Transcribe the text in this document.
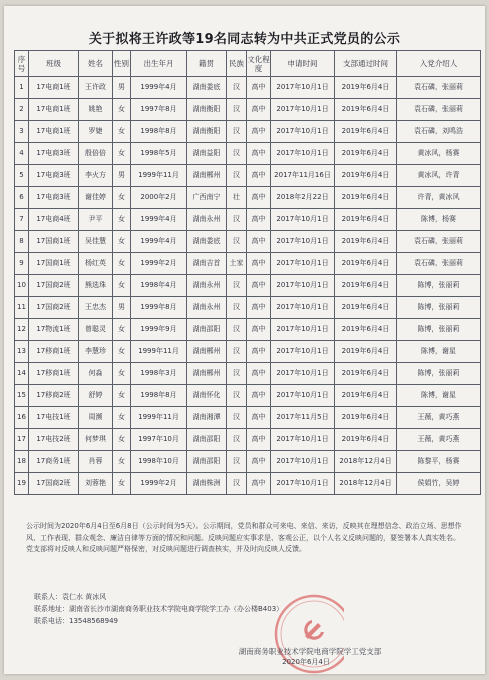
关于拟将王许政等19名同志转为中共正式党员的公示
序号	班级	姓名	性别	出生年月	籍贯	民族	文化程度	申请时间	支部通过时间	入党介绍人
1	17电商1班	王许政	男	1999年4月	湖南娄底	汉	高中	2017年10月1日	2019年6月4日	袁石磷，张丽莉
2	17电商1班	姚艳	女	1997年8月	湖南衡阳	汉	高中	2017年10月1日	2019年6月4日	袁石磷，张丽莉
3	17电商1班	罗婕	女	1998年8月	湖南衡阳	汉	高中	2017年10月1日	2019年6月4日	袁石磷，刘鸣浩
4	17电商3班	殷倍倍	女	1998年5月	湖南益阳	汉	高中	2017年10月1日	2019年6月4日	黄冰风，杨赛
5	17电商3班	李火方	男	1999年11月	湖南郴州	汉	高中	2017年11月16日	2019年6月4日	黄冰风，许青
6	17电商3班	谢佳婷	女	2000年2月	广西南宁	壮	高中	2018年2月22日	2019年6月4日	许青，黄冰风
7	17电商4班	尹平	女	1999年4月	湖南永州	汉	高中	2017年10月1日	2019年6月4日	陈博，杨赛
8	17国商1班	吴佳慧	女	1999年4月	湖南娄底	汉	高中	2017年10月1日	2019年6月4日	袁石磷，张丽莉
9	17国商1班	杨红英	女	1999年2月	湖南吉首	土家	高中	2017年10月1日	2019年6月4日	袁石磷，张丽莉
10	17国商2班	熊选珠	女	1998年4月	湖南永州	汉	高中	2017年10月1日	2019年6月4日	陈博，张丽莉
11	17国商2班	王忠杰	男	1999年8月	湖南永州	汉	高中	2017年10月1日	2019年6月4日	陈博，张丽莉
12	17物流1班	曾聪灵	女	1999年9月	湖南邵阳	汉	高中	2017年10月1日	2019年6月4日	陈博，张丽莉
13	17移商1班	李慧珍	女	1999年11月	湖南郴州	汉	高中	2017年10月1日	2019年6月4日	陈博，谢星
14	17移商1班	何淼	女	1998年3月	湖南郴州	汉	高中	2017年10月1日	2019年6月4日	陈博，张丽莉
15	17移商2班	舒婷	女	1998年8月	湖南怀化	汉	高中	2017年10月1日	2019年6月4日	陈博，谢星
16	17电技1班	周濒	女	1999年11月	湖南湘潭	汉	高中	2017年11月5日	2019年6月4日	王薇，黄巧燕
17	17电技2班	何梦琪	女	1997年10月	湖南邵阳	汉	高中	2017年10月1日	2019年6月4日	王薇，黄巧燕
18	17商务1班	肖蓉	女	1998年10月	湖南邵阳	汉	高中	2017年10月1日	2018年12月4日	陈黎平，杨赛
19	17国商2班	刘蓉艳	女	1999年2月	湖南株洲	汉	高中	2017年10月1日	2018年12月4日	侯娟竹，吴婷

公示时间为2020年6月4日至6月8日（公示时间为5天）。公示期间，党员和群众可来电、来信、来访，反映其在理想信念、政治立场、思想作风、工作表现、群众观念、廉洁自律等方面的情况和问题。反映问题应实事求是、客观公正，以个人名义反映问题的，要签署本人真实姓名。党支部将对反映人和反映问题严格保密，对反映问题进行调查核实，并及时向反映人反馈。

联系人：袁仁水 黄冰风
联系地址：湖南省长沙市湖南商务职业技术学院电商学院学工办（办公楼B403）
联系电话：13548568949
湖南商务职业技术学院电商学院学工党支部
2020年6月4日
